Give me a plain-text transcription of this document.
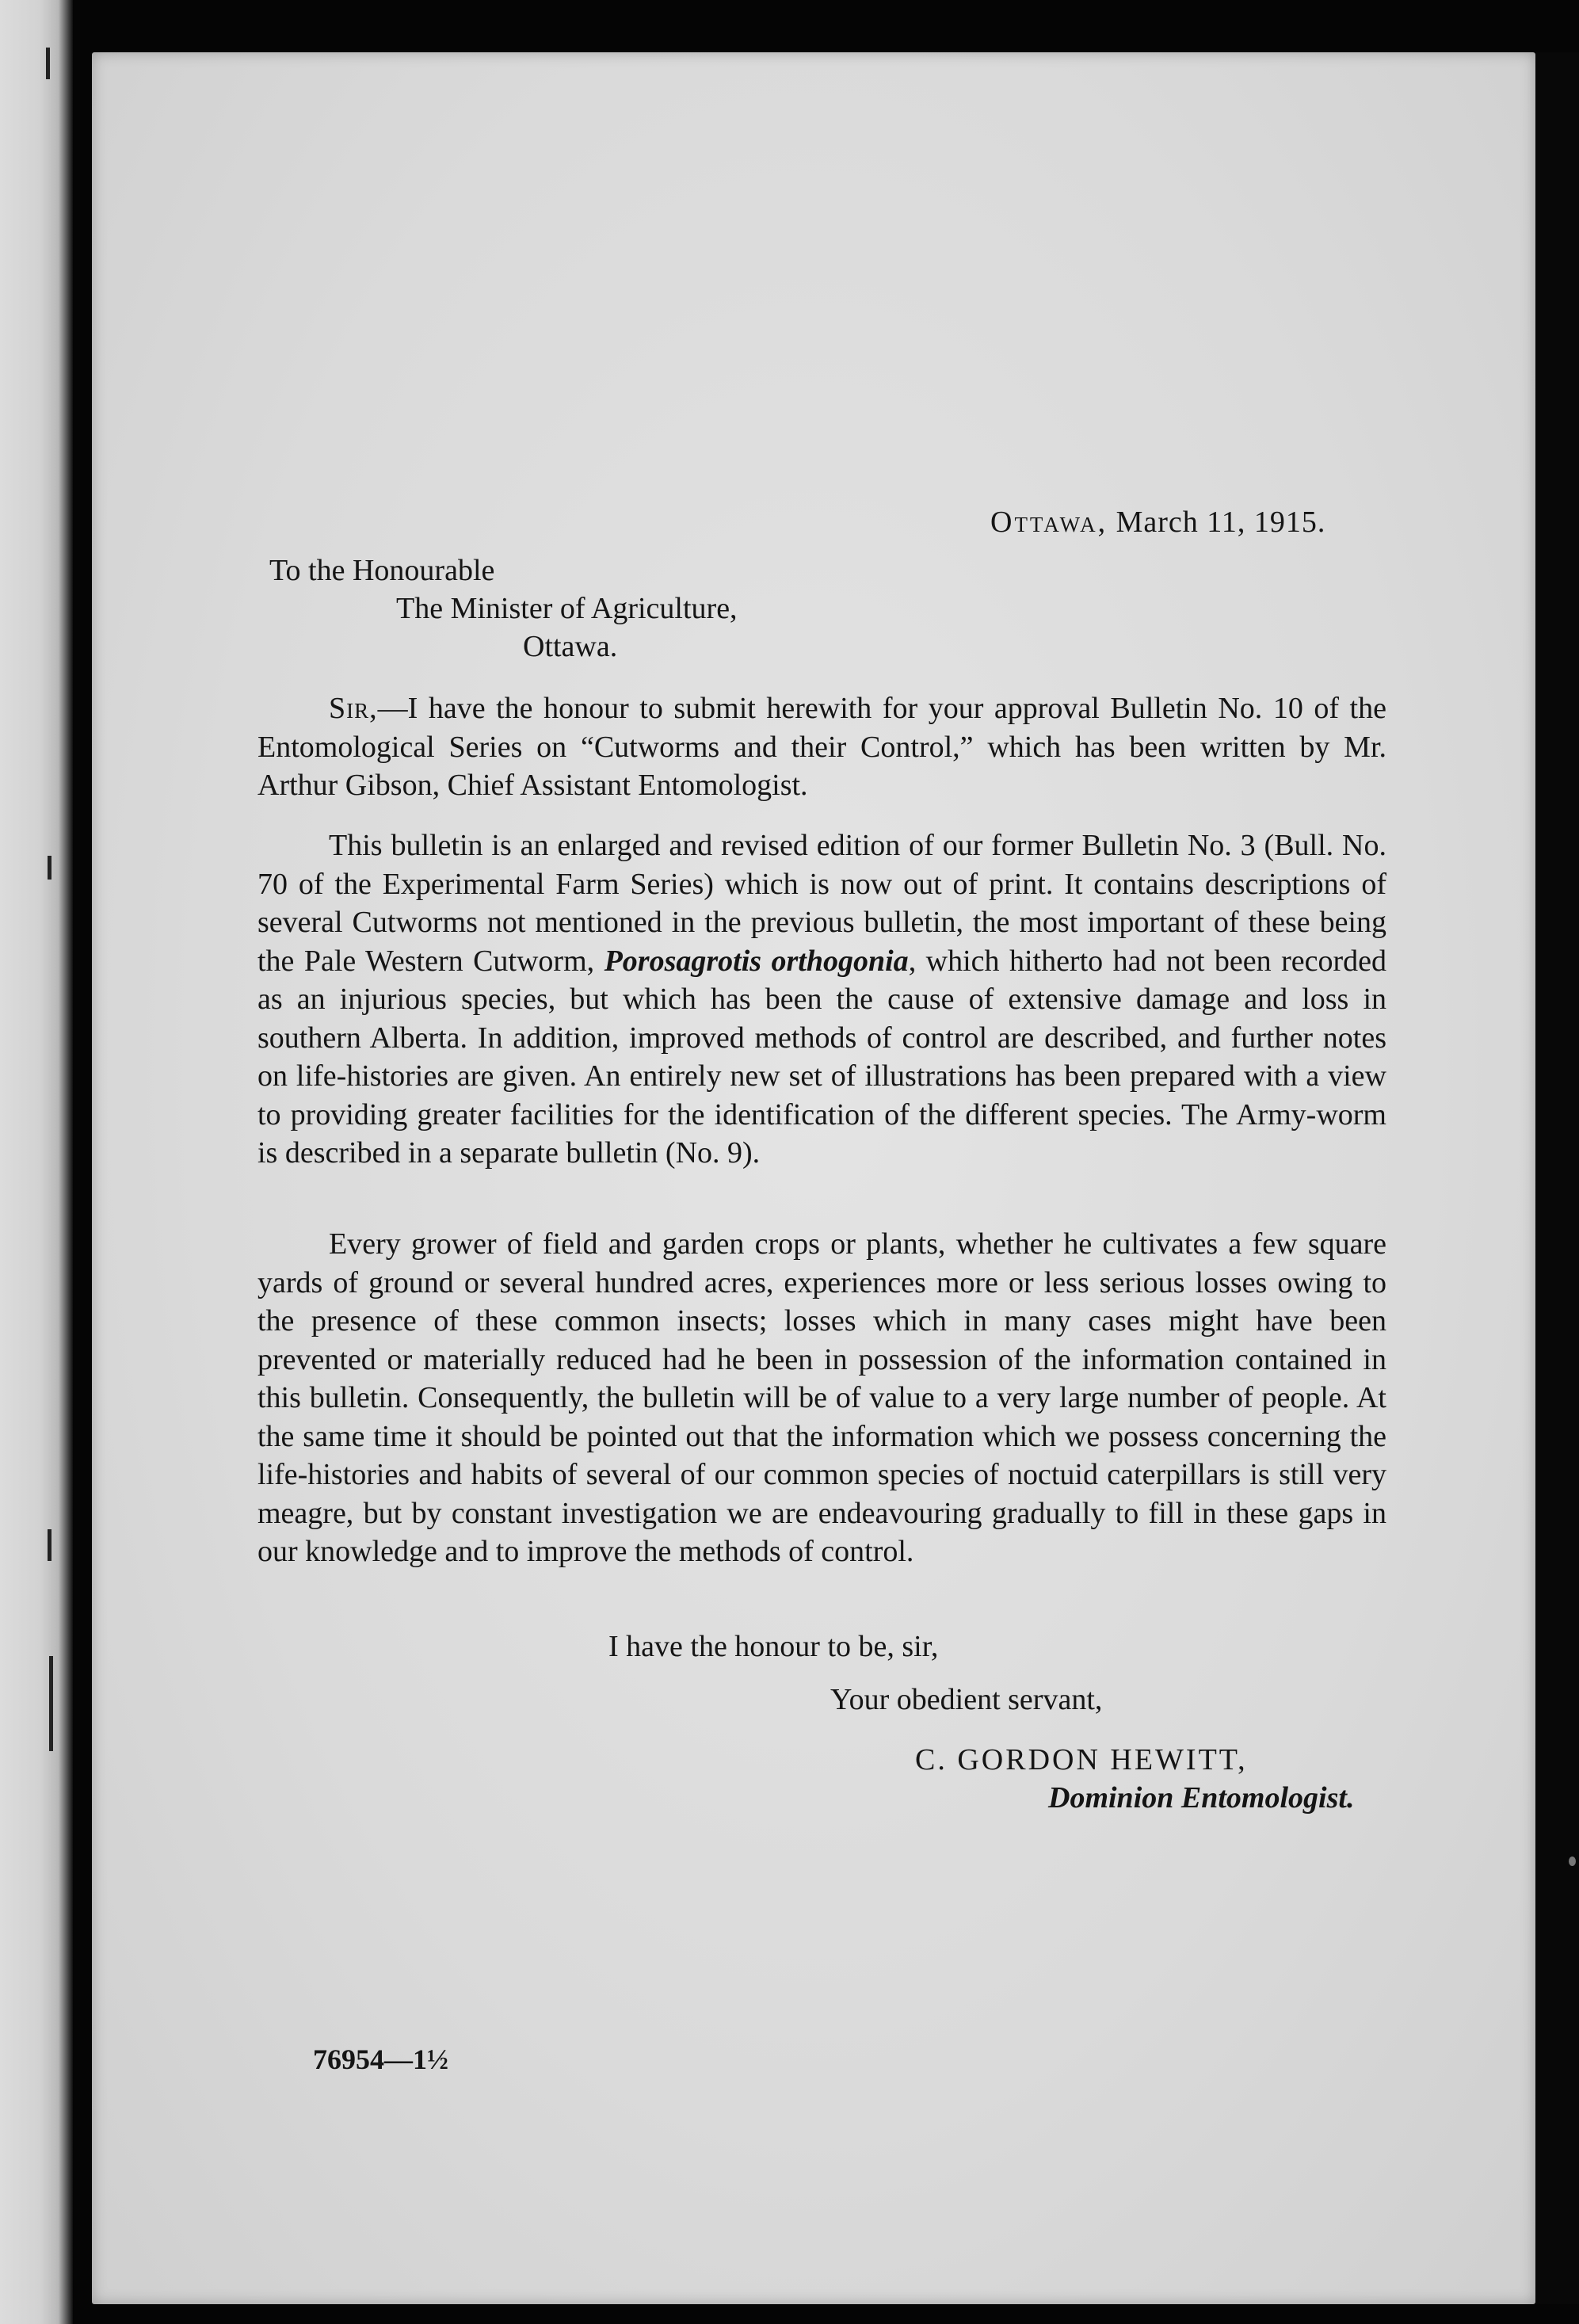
Ottawa, March 11, 1915.
To the Honourable
The Minister of Agriculture,
Ottawa.

Sir,—I have the honour to submit herewith for your approval Bulletin No. 10 of the Entomological Series on “Cutworms and their Control,” which has been written by Mr. Arthur Gibson, Chief Assistant Entomologist.

This bulletin is an enlarged and revised edition of our former Bulletin No. 3 (Bull. No. 70 of the Experimental Farm Series) which is now out of print. It contains descriptions of several Cutworms not mentioned in the previous bulletin, the most important of these being the Pale Western Cutworm, Porosagrotis orthogonia, which hitherto had not been recorded as an injurious species, but which has been the cause of extensive damage and loss in southern Alberta. In addition, improved methods of control are described, and further notes on life-histories are given. An entirely new set of illustrations has been prepared with a view to providing greater facilities for the identification of the different species. The Army-worm is described in a separate bulletin (No. 9).

Every grower of field and garden crops or plants, whether he cultivates a few square yards of ground or several hundred acres, experiences more or less serious losses owing to the presence of these common insects; losses which in many cases might have been prevented or materially reduced had he been in possession of the information contained in this bulletin. Consequently, the bulletin will be of value to a very large number of people. At the same time it should be pointed out that the information which we possess concerning the life-histories and habits of several of our common species of noctuid caterpillars is still very meagre, but by constant investigation we are endeavouring gradually to fill in these gaps in our knowledge and to improve the methods of control.

I have the honour to be, sir,
Your obedient servant,
C. GORDON HEWITT,
Dominion Entomologist.
76954—1½
